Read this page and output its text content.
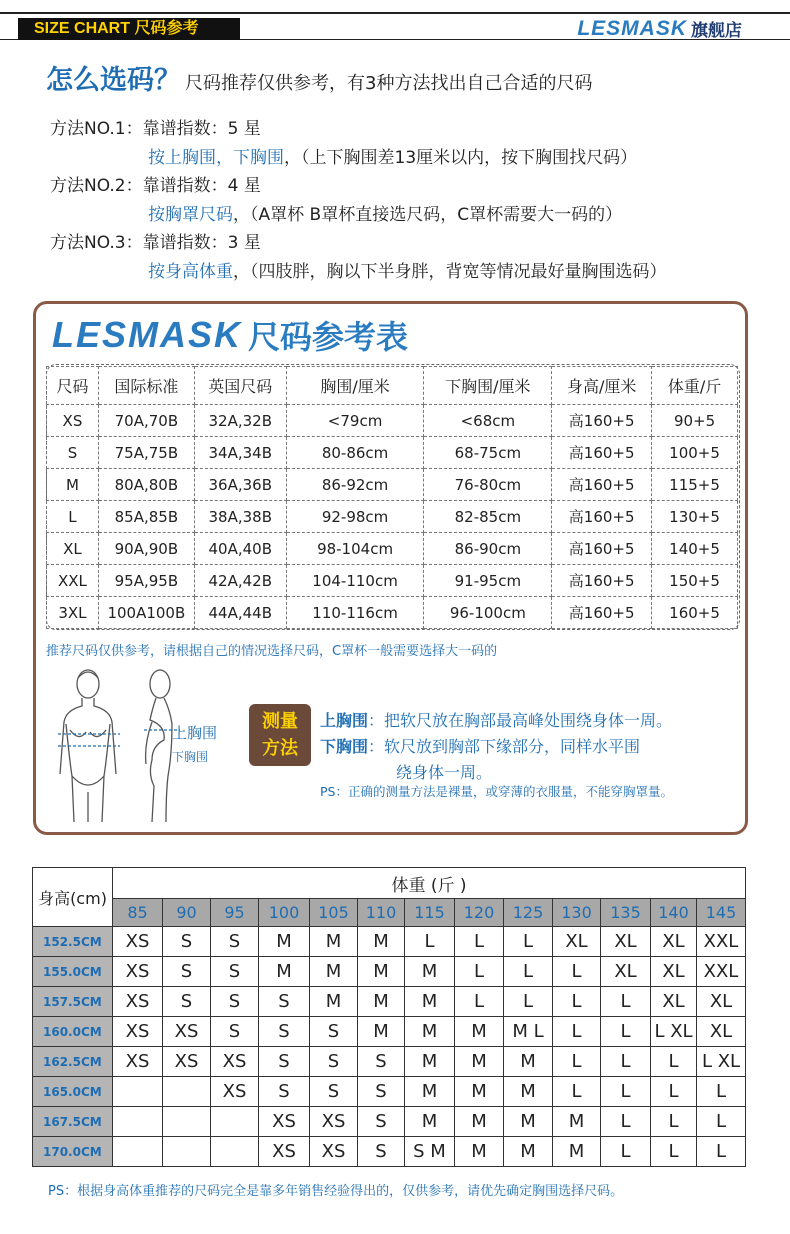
SIZE CHART 尺码参考	LESMASK 旗舰店
怎么选码？ 尺码推荐仅供参考，有3种方法找出自己合适的尺码
方法NO.1：靠谱指数：5 星
按上胸围，下胸围，（上下胸围差13厘米以内，按下胸围找尺码）
方法NO.2：靠谱指数：4 星
按胸罩尺码，（A罩杯 B罩杯直接选尺码，C罩杯需要大一码的）
方法NO.3：靠谱指数：3 星
按身高体重，（四肢胖，胸以下半身胖，背宽等情况最好量胸围选码）
LESMASK 尺码参考表
尺码	国际标准	英国尺码	胸围/厘米	下胸围/厘米	身高/厘米	体重/斤
XS	70A,70B	32A,32B	<79cm	<68cm	高160+5	90+5
S	75A,75B	34A,34B	80-86cm	68-75cm	高160+5	100+5
M	80A,80B	36A,36B	86-92cm	76-80cm	高160+5	115+5
L	85A,85B	38A,38B	92-98cm	82-85cm	高160+5	130+5
XL	90A,90B	40A,40B	98-104cm	86-90cm	高160+5	140+5
XXL	95A,95B	42A,42B	104-110cm	91-95cm	高160+5	150+5
3XL	100A100B	44A,44B	110-116cm	96-100cm	高160+5	160+5
推荐尺码仅供参考，请根据自己的情况选择尺码，C罩杯一般需要选择大一码的
上胸围
下胸围
测量
方法
上胸围：把软尺放在胸部最高峰处围绕身体一周。
下胸围：软尺放到胸部下缘部分，同样水平围
绕身体一周。
PS：正确的测量方法是裸量，或穿薄的衣服量，不能穿胸罩量。
身高(cm)	体重 (斤 )												
	85	90	95	100	105	110	115	120	125	130	135	140	145
152.5CM	XS	S	S	M	M	M	L	L	L	XL	XL	XL	XXL
155.0CM	XS	S	S	M	M	M	M	L	L	L	XL	XL	XXL
157.5CM	XS	S	S	S	M	M	M	L	L	L	L	XL	XL
160.0CM	XS	XS	S	S	S	M	M	M	M L	L	L	L XL	XL
162.5CM	XS	XS	XS	S	S	S	M	M	M	L	L	L	L XL
165.0CM			XS	S	S	S	M	M	M	L	L	L	L
167.5CM				XS	XS	S	M	M	M	M	L	L	L
170.0CM				XS	XS	S	S M	M	M	M	L	L	L
PS：根据身高体重推荐的尺码完全是靠多年销售经验得出的，仅供参考，请优先确定胸围选择尺码。
